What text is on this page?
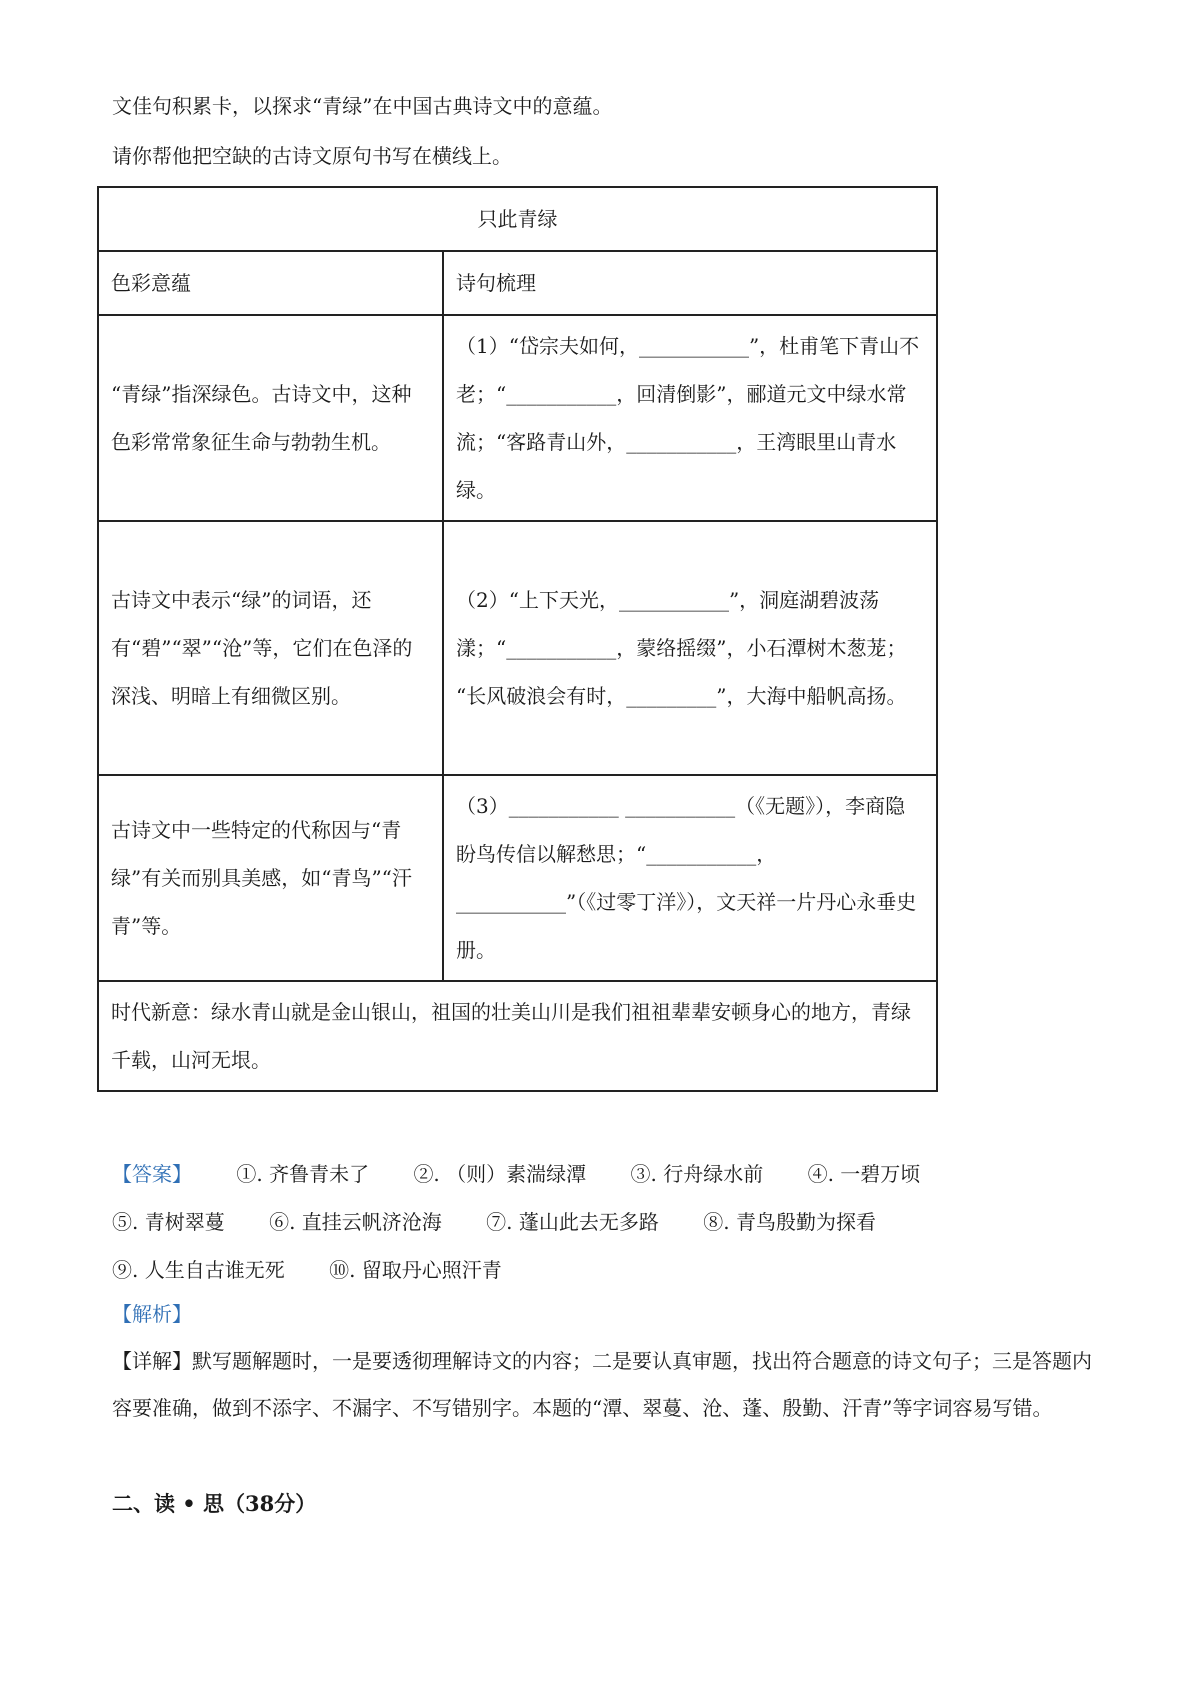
文佳句积累卡，以探求“青绿”在中国古典诗文中的意蕴。
请你帮他把空缺的古诗文原句书写在横线上。
只此青绿	
色彩意蕴	诗句梳理
“青绿”指深绿色。古诗文中，这种色彩常常象征生命与勃勃生机。	（1）“岱宗夫如何，___________”，杜甫笔下青山不老；“___________，回清倒影”，郦道元文中绿水常流；“客路青山外，___________，王湾眼里山青水绿。
古诗文中表示“绿”的词语，还有“碧”“翠”“沧”等，它们在色泽的深浅、明暗上有细微区别。	（2）“上下天光，___________”，洞庭湖碧波荡漾；“___________，蒙络摇缀”，小石潭树木葱茏；
“长风破浪会有时，_________”，大海中船帆高扬。

古诗文中一些特定的代称因与“青绿”有关而别具美感，如“青鸟”“汗青”等。	（3）___________ ___________（《无题》），李商隐盼鸟传信以解愁思；“___________，___________”（《过零丁洋》），文天祥一片丹心永垂史册。
时代新意：绿水青山就是金山银山，祖国的壮美山川是我们祖祖辈辈安顿身心的地方，青绿千载，山河无垠。	
【答案】 ①. 齐鲁青未了 ②. （则）素湍绿潭 ③. 行舟绿水前 ④. 一碧万顷 ⑤. 青树翠蔓 ⑥. 直挂云帆济沧海 ⑦. 蓬山此去无多路 ⑧. 青鸟殷勤为探看 ⑨. 人生自古谁无死 ⑩. 留取丹心照汗青
【解析】
【详解】默写题解题时，一是要透彻理解诗文的内容；二是要认真审题，找出符合题意的诗文句子；三是答题内容要准确，做到不添字、不漏字、不写错别字。本题的“潭、翠蔓、沧、蓬、殷勤、汗青”等字词容易写错。
二、读 • 思（38分）
